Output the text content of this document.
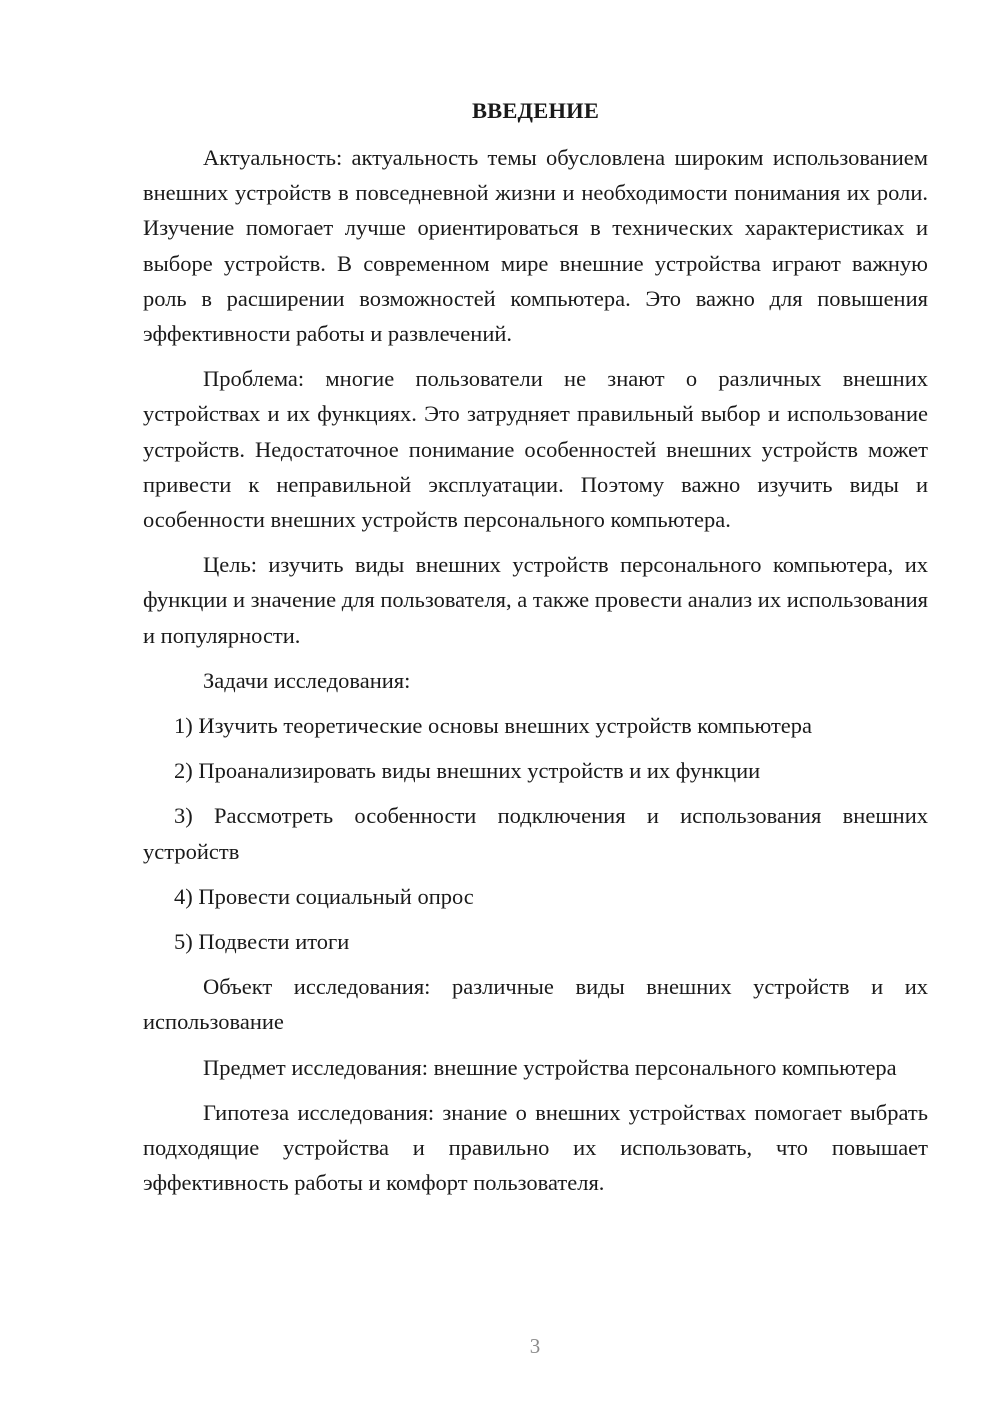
ВВЕДЕНИЕ

Актуальность: актуальность темы обусловлена широким использованием внешних устройств в повседневной жизни и необходимости понимания их роли. Изучение помогает лучше ориентироваться в технических характеристиках и выборе устройств. В современном мире внешние устройства играют важную роль в расширении возможностей компьютера. Это важно для повышения эффективности работы и развлечений.

Проблема: многие пользователи не знают о различных внешних устройствах и их функциях. Это затрудняет правильный выбор и использование устройств. Недостаточное понимание особенностей внешних устройств может привести к неправильной эксплуатации. Поэтому важно изучить виды и особенности внешних устройств персонального компьютера.

Цель: изучить виды внешних устройств персонального компьютера, их функции и значение для пользователя, а также провести анализ их использования и популярности.

Задачи исследования:

1) Изучить теоретические основы внешних устройств компьютера

2) Проанализировать виды внешних устройств и их функции

3) Рассмотреть особенности подключения и использования внешних устройств

4) Провести социальный опрос

5) Подвести итоги

Объект исследования: различные виды внешних устройств и их использование

Предмет исследования: внешние устройства персонального компьютера

Гипотеза исследования: знание о внешних устройствах помогает выбрать подходящие устройства и правильно их использовать, что повышает эффективность работы и комфорт пользователя.

3
